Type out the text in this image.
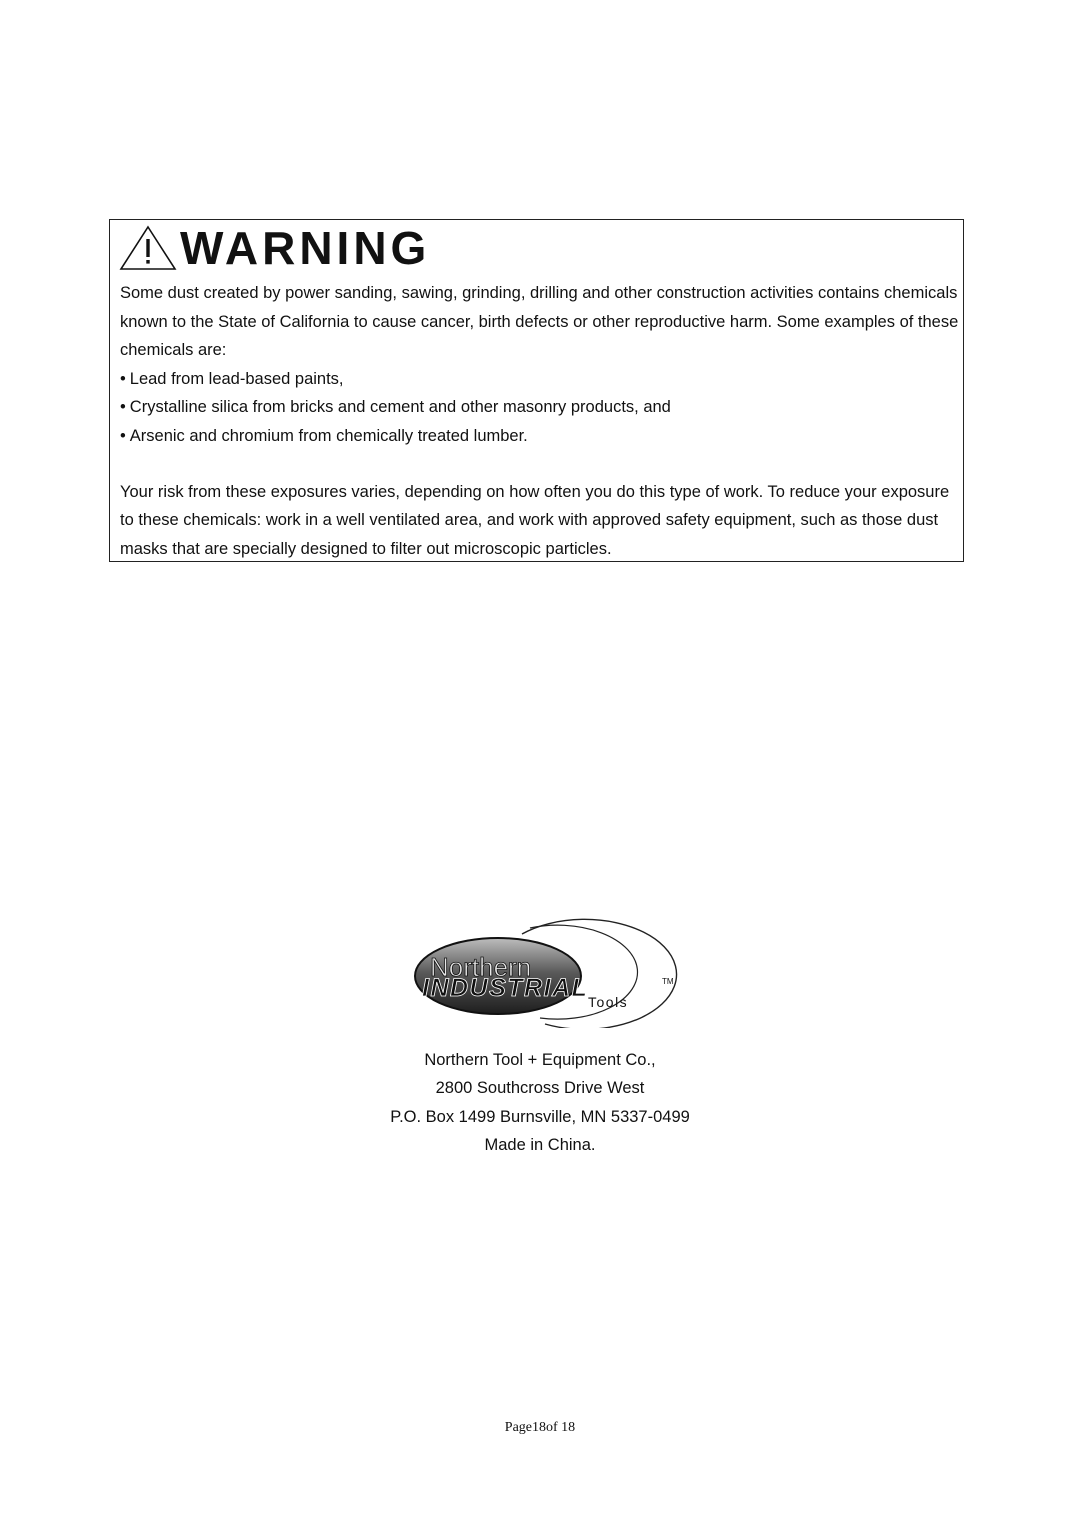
WARNING

Some dust created by power sanding, sawing, grinding, drilling and other construction activities contains chemicals known to the State of California to cause cancer, birth defects or other reproductive harm. Some examples of these chemicals are:

• Lead from lead-based paints,
• Crystalline silica from bricks and cement and other masonry products, and
• Arsenic and chromium from chemically treated lumber.

Your risk from these exposures varies, depending on how often you do this type of work. To reduce your exposure to these chemicals: work in a well ventilated area, and work with approved safety equipment, such as those dust masks that are specially designed to filter out microscopic particles.

Northern
INDUSTRIAL	TM
Tools
Northern Tool + Equipment Co.,
2800 Southcross Drive West
P.O. Box 1499 Burnsville, MN 5337-0499
Made in China.
Page18of 18
